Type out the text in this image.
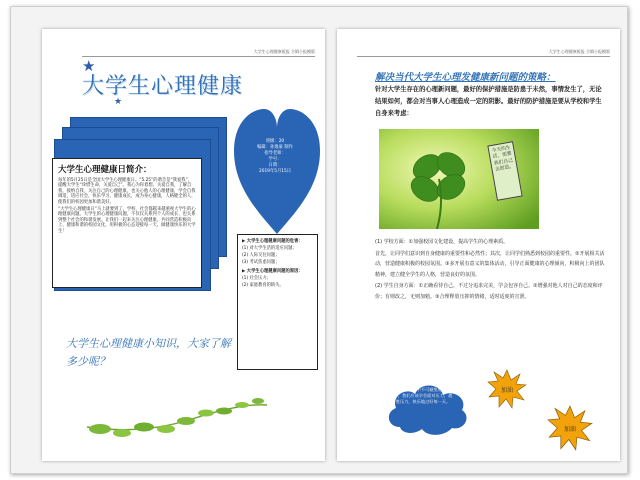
大学生心理健康板报 合辑小报模版
★
★
大学生心理健康
大学生心理健康日简介：
每年的5月25日是全国大学生心理健康日。“5.25”的谐音是“我爱我”，提醒大学生“珍惜生命，关爱自己”。我心为你着想，关爱自我，了解自我，接纳自我，关注自己的心理健康，也关心他人的心理健康，学会自我调适，适应社会，快乐学习，健康成长，成为身心健康，人格健全的人，使我们的校园更加和谐美好。
“大学生心理健康日”马上就要到了，学校、社会都越来越重视大学生的心理健康问题。大学生的心理健康问题，不仅仅关系到个人的成长、也关系到整个社会的和谐发展。让我们一起来关注心理健康，共同营造积极向上、健康和谐的校园文化，用积极的心态迎接每一天，做健康快乐的大学生！
班级：20
编辑：孙逸豪 制作
指导老师：
学号：
日期：
2019年5月15日
▶ 大学生心理健康问题的危害：
(1) 对大学生活的适应问题；
(2) 人际交往问题；
(3) 考试焦虑问题；
▶ 大学生心理健康问题的原因：
(1) 社会压力；
(2) 家庭教育的缺失。
大学生心理健康小知识，大家了解多少呢？
大学生心理健康板报 合辑小报模版
解决当代大学生心理发健康新问题的策略：
针对大学生存在的心理新问题，最好的保护措施是防患于未然，事情发生了，无论结果如何，都会对当事人心理造成一定的阴影。最好的防护措施是要从学校和学生自身来考虑：
今天的生活，需要我们自己去创造。

(1) 学校方面：①加强校园文化建设，提高学生的心理素质。

首先，让同学们意识到自身健康的重要性和必然性；其次，让同学们熟悉到校园的重要性。②开展相关活动，营造健康积极的校园氛围。③多开展有意义的集体活动，引导正面健康的心理倾向，积极向上的团队精神，建立健全学生的人格，营造良好的氛围。

(2) 学生自身方面：①正确看待自己，不过分追求完美，学会包容自己。②增强对他人对自己的态度和评价；有则改之，无则加勉。③合理释放压抑的情绪，适时适度的宣泄。

压力是生活中不可避免的一部分，我们应该学会面对压力，战胜压力，快乐地过好每一天。
加油
加油
